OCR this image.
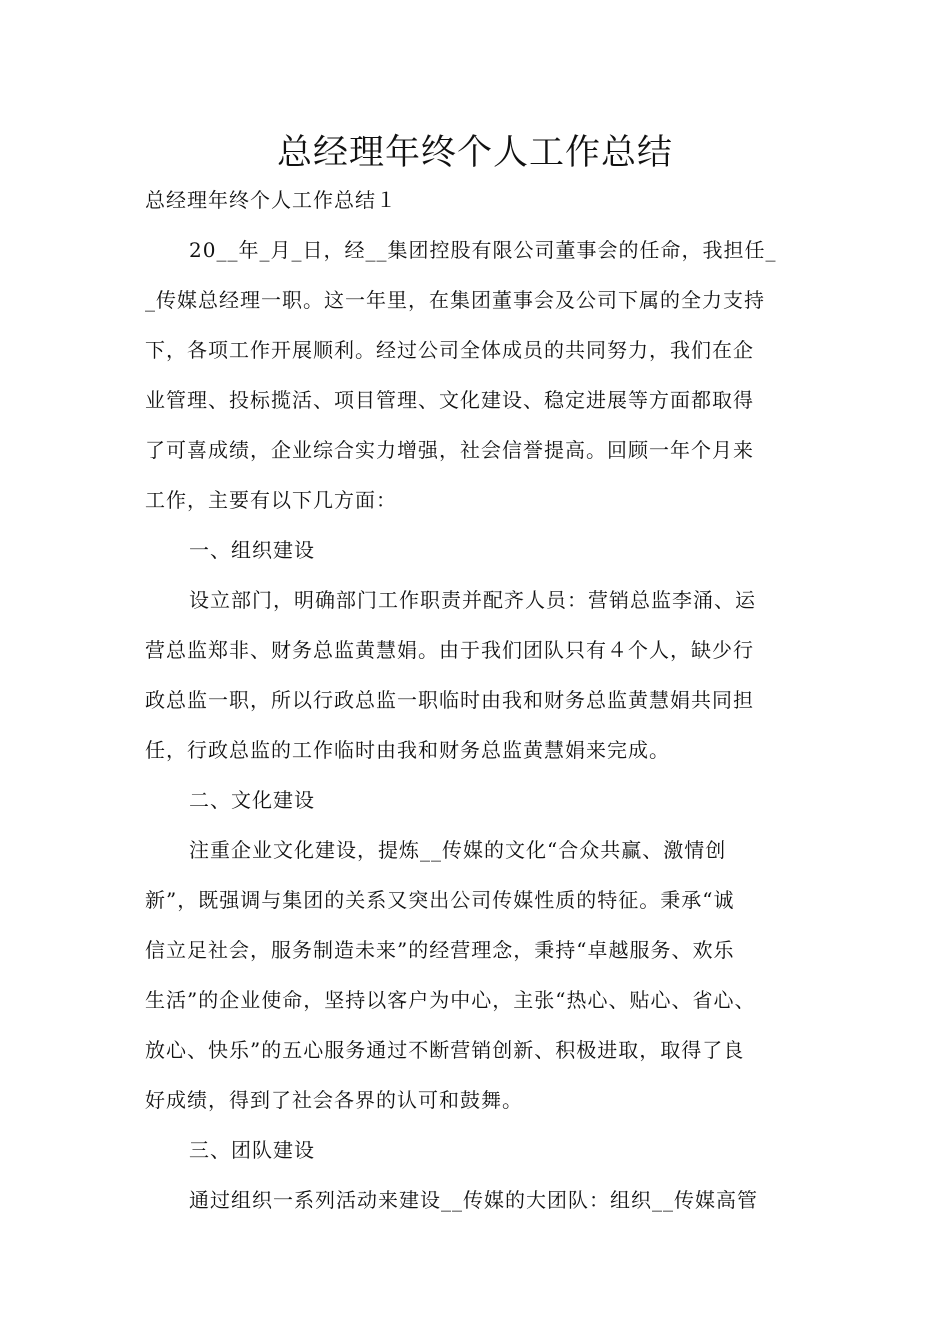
总经理年终个人工作总结
总经理年终个人工作总结１
20__年_月_日，经__集团控股有限公司董事会的任命，我担任_
_传媒总经理一职。这一年里，在集团董事会及公司下属的全力支持
下，各项工作开展顺利。经过公司全体成员的共同努力，我们在企
业管理、投标揽活、项目管理、文化建设、稳定进展等方面都取得
了可喜成绩，企业综合实力增强，社会信誉提高。回顾一年个月来
工作，主要有以下几方面：
一、组织建设
设立部门，明确部门工作职责并配齐人员：营销总监李涌、运
营总监郑非、财务总监黄慧娟。由于我们团队只有４个人，缺少行
政总监一职，所以行政总监一职临时由我和财务总监黄慧娟共同担
任，行政总监的工作临时由我和财务总监黄慧娟来完成。
二、文化建设
注重企业文化建设，提炼__传媒的文化“合众共赢、激情创
新”，既强调与集团的关系又突出公司传媒性质的特征。秉承“诚
信立足社会，服务制造未来”的经营理念，秉持“卓越服务、欢乐
生活”的企业使命，坚持以客户为中心，主张“热心、贴心、省心、
放心、快乐”的五心服务通过不断营销创新、积极进取，取得了良
好成绩，得到了社会各界的认可和鼓舞。
三、团队建设
通过组织一系列活动来建设__传媒的大团队：组织__传媒高管
